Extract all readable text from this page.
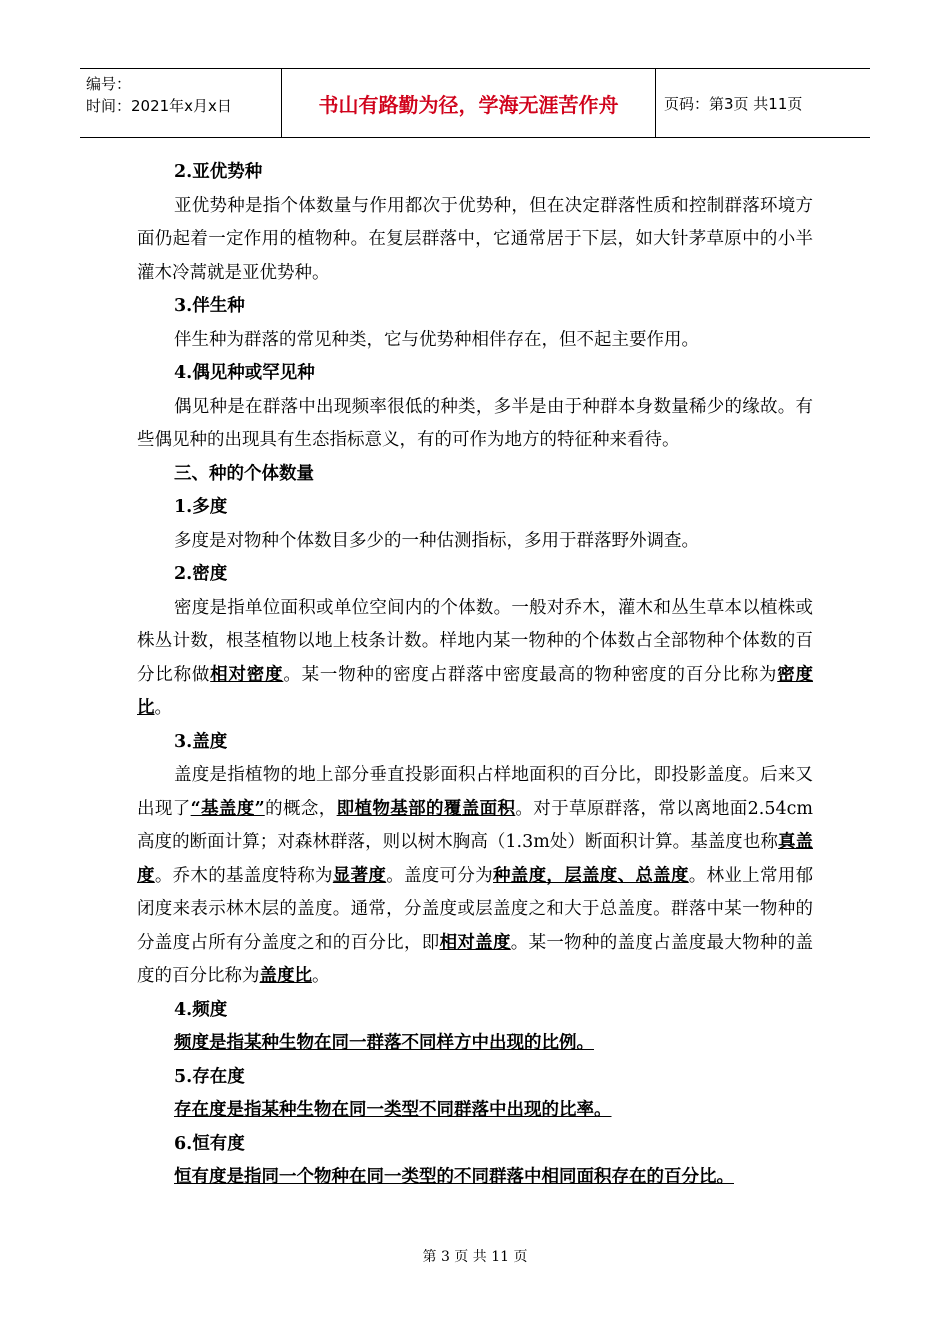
编号：
时间：2021年x月x日	书山有路勤为径，学海无涯苦作舟	页码：第3页 共11页

2.亚优势种

亚优势种是指个体数量与作用都次于优势种，但在决定群落性质和控制群落环境方面仍起着一定作用的植物种。在复层群落中，它通常居于下层，如大针茅草原中的小半灌木冷蒿就是亚优势种。

3.伴生种

伴生种为群落的常见种类，它与优势种相伴存在，但不起主要作用。

4.偶见种或罕见种

偶见种是在群落中出现频率很低的种类，多半是由于种群本身数量稀少的缘故。有些偶见种的出现具有生态指标意义，有的可作为地方的特征种来看待。

三、种的个体数量

1.多度

多度是对物种个体数目多少的一种估测指标，多用于群落野外调查。

2.密度

密度是指单位面积或单位空间内的个体数。一般对乔木，灌木和丛生草本以植株或株丛计数，根茎植物以地上枝条计数。样地内某一物种的个体数占全部物种个体数的百分比称做相对密度。某一物种的密度占群落中密度最高的物种密度的百分比称为密度比。

3.盖度

盖度是指植物的地上部分垂直投影面积占样地面积的百分比，即投影盖度。后来又出现了“基盖度”的概念，即植物基部的覆盖面积。对于草原群落，常以离地面2.54cm高度的断面计算；对森林群落，则以树木胸高（1.3m处）断面积计算。基盖度也称真盖度。乔木的基盖度特称为显著度。盖度可分为种盖度，层盖度、总盖度。林业上常用郁闭度来表示林木层的盖度。通常，分盖度或层盖度之和大于总盖度。群落中某一物种的分盖度占所有分盖度之和的百分比，即相对盖度。某一物种的盖度占盖度最大物种的盖度的百分比称为盖度比。

4.频度

频度是指某种生物在同一群落不同样方中出现的比例。

5.存在度

存在度是指某种生物在同一类型不同群落中出现的比率。

6.恒有度

恒有度是指同一个物种在同一类型的不同群落中相同面积存在的百分比。

第 3 页 共 11 页
